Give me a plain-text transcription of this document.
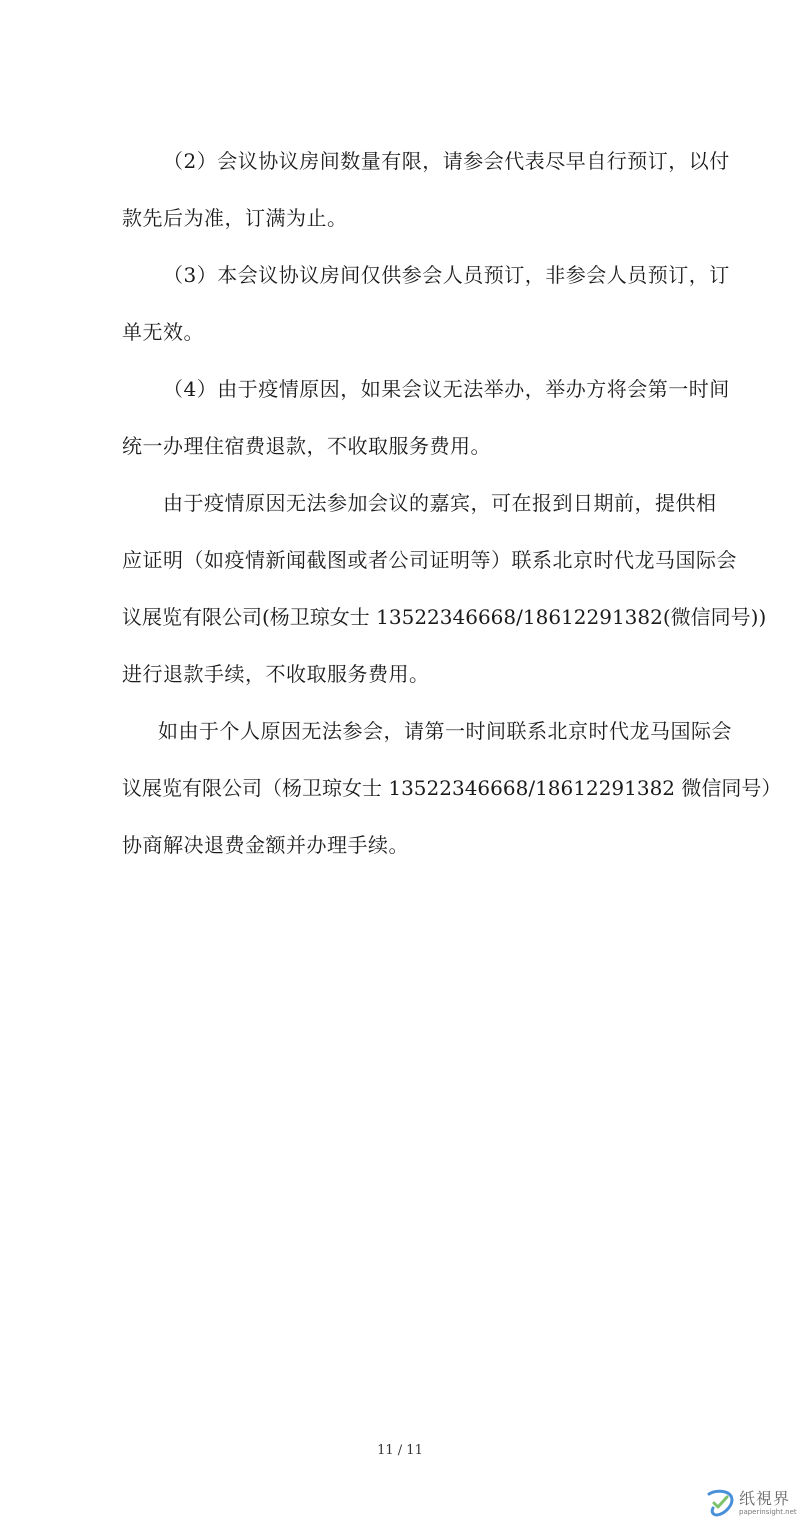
（2）会议协议房间数量有限，请参会代表尽早自行预订，以付
款先后为准，订满为止。
（3）本会议协议房间仅供参会人员预订，非参会人员预订，订
单无效。
（4）由于疫情原因，如果会议无法举办，举办方将会第一时间
统一办理住宿费退款，不收取服务费用。
由于疫情原因无法参加会议的嘉宾，可在报到日期前，提供相
应证明（如疫情新闻截图或者公司证明等）联系北京时代龙马国际会
议展览有限公司(杨卫琼女士 13522346668/18612291382(微信同号))
进行退款手续，不收取服务费用。
如由于个人原因无法参会，请第一时间联系北京时代龙马国际会
议展览有限公司（杨卫琼女士 13522346668/18612291382 微信同号）
协商解决退费金额并办理手续。
11 / 11
纸視界
paperinsight.net
